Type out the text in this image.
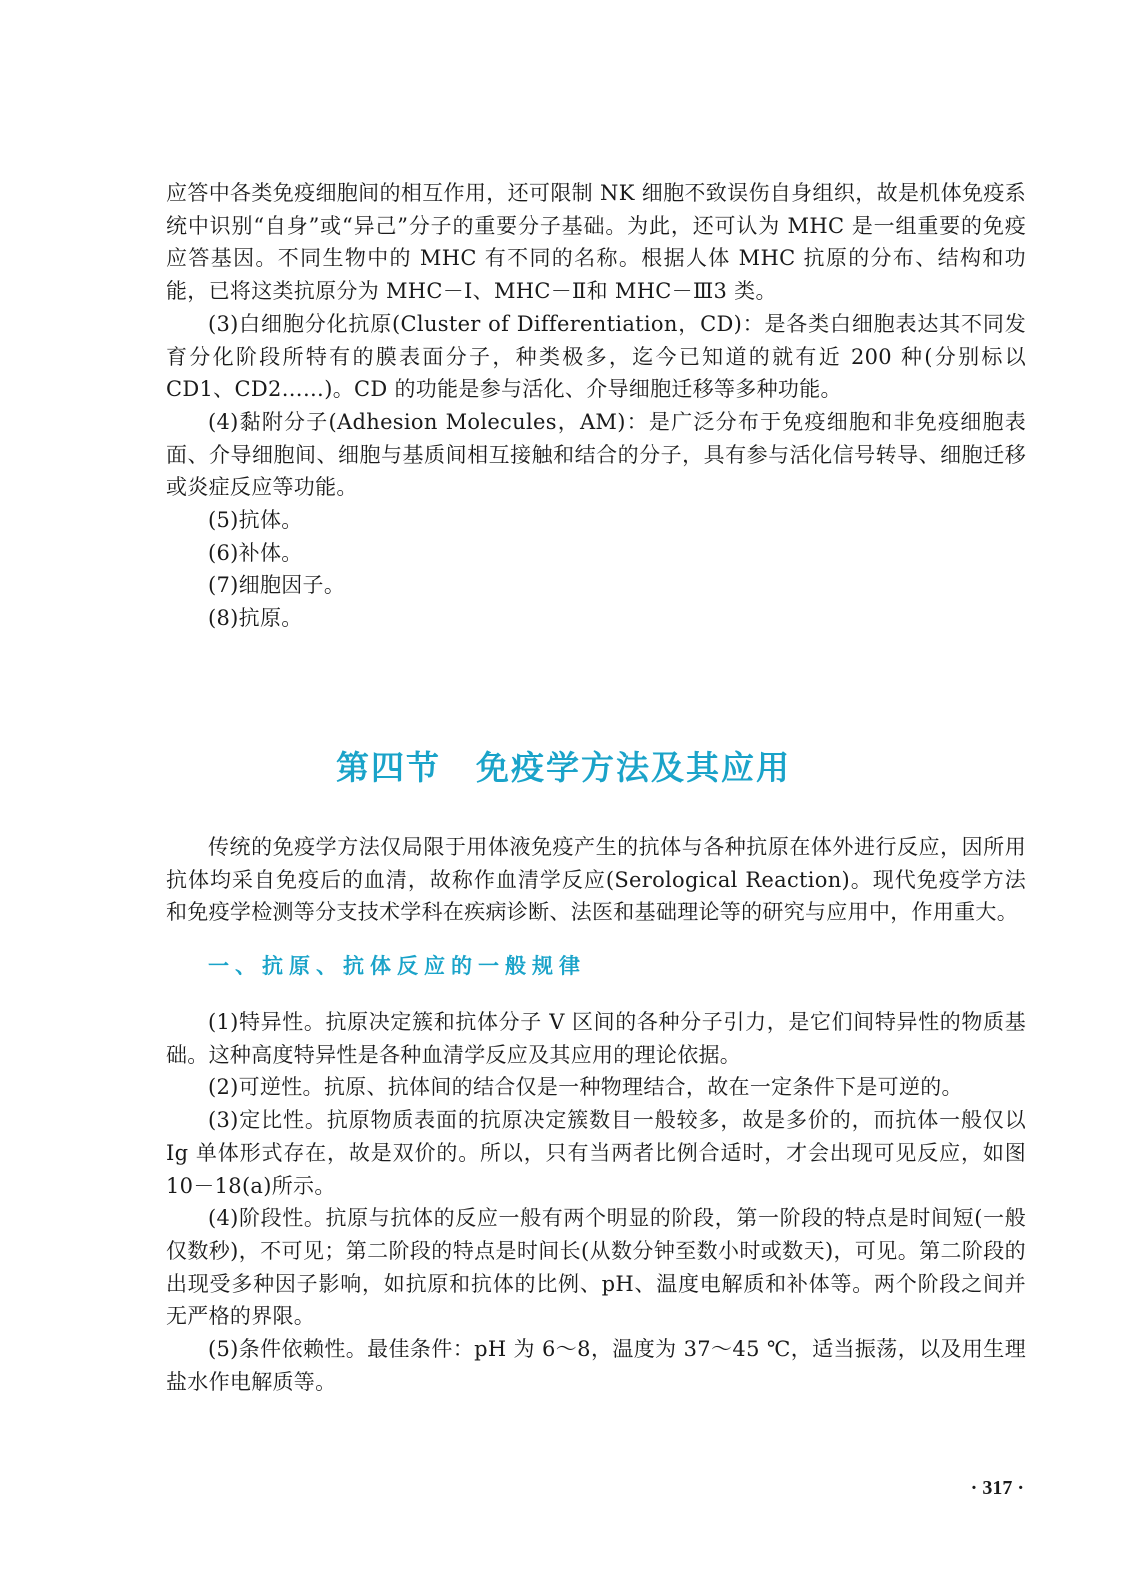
应答中各类免疫细胞间的相互作用，还可限制 NK 细胞不致误伤自身组织，故是机体免疫系统中识别“自身”或“异己”分子的重要分子基础。为此，还可认为 MHC 是一组重要的免疫应答基因。不同生物中的 MHC 有不同的名称。根据人体 MHC 抗原的分布、结构和功能，已将这类抗原分为 MHC－Ⅰ、MHC－Ⅱ和 MHC－Ⅲ3 类。

(3)白细胞分化抗原(Cluster of Differentiation，CD)：是各类白细胞表达其不同发育分化阶段所特有的膜表面分子，种类极多，迄今已知道的就有近 200 种(分别标以 CD1、CD2……)。CD 的功能是参与活化、介导细胞迁移等多种功能。

(4)黏附分子(Adhesion Molecules，AM)：是广泛分布于免疫细胞和非免疫细胞表面、介导细胞间、细胞与基质间相互接触和结合的分子，具有参与活化信号转导、细胞迁移或炎症反应等功能。

(5)抗体。

(6)补体。

(7)细胞因子。

(8)抗原。

第四节　免疫学方法及其应用

传统的免疫学方法仅局限于用体液免疫产生的抗体与各种抗原在体外进行反应，因所用抗体均采自免疫后的血清，故称作血清学反应(Serological Reaction)。现代免疫学方法和免疫学检测等分支技术学科在疾病诊断、法医和基础理论等的研究与应用中，作用重大。

一、抗原、抗体反应的一般规律

(1)特异性。抗原决定簇和抗体分子 V 区间的各种分子引力，是它们间特异性的物质基础。这种高度特异性是各种血清学反应及其应用的理论依据。

(2)可逆性。抗原、抗体间的结合仅是一种物理结合，故在一定条件下是可逆的。

(3)定比性。抗原物质表面的抗原决定簇数目一般较多，故是多价的，而抗体一般仅以 Ig 单体形式存在，故是双价的。所以，只有当两者比例合适时，才会出现可见反应，如图 10－18(a)所示。

(4)阶段性。抗原与抗体的反应一般有两个明显的阶段，第一阶段的特点是时间短(一般仅数秒)，不可见；第二阶段的特点是时间长(从数分钟至数小时或数天)，可见。第二阶段的出现受多种因子影响，如抗原和抗体的比例、pH、温度电解质和补体等。两个阶段之间并无严格的界限。

(5)条件依赖性。最佳条件：pH 为 6～8，温度为 37～45 ℃，适当振荡，以及用生理盐水作电解质等。

· 317 ·
